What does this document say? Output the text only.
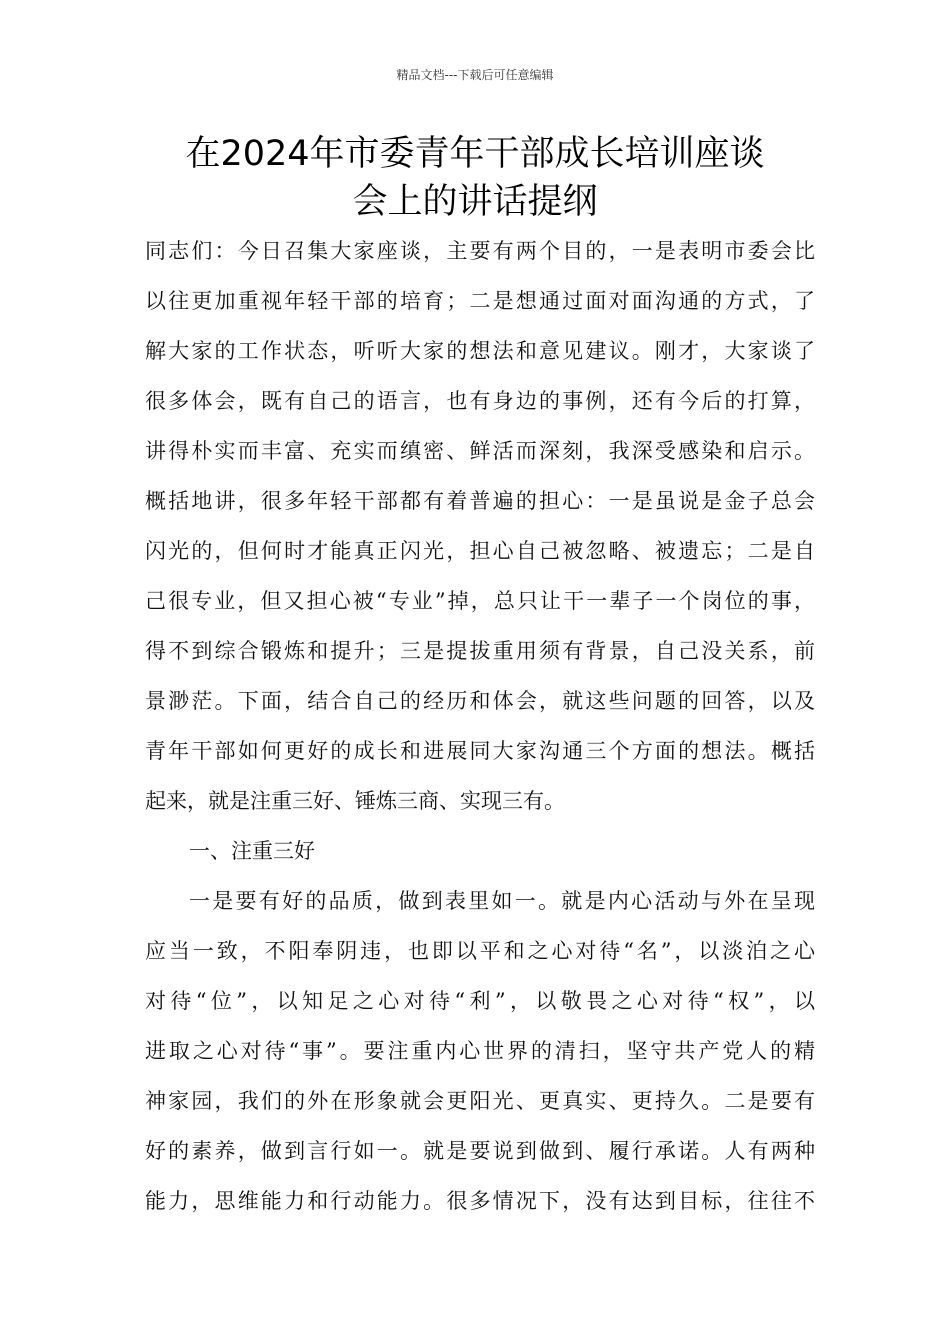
精品文档---下载后可任意编辑
在2024年市委青年干部成长培训座谈
会上的讲话提纲
同志们：今日召集大家座谈，主要有两个目的，一是表明市委会比
以往更加重视年轻干部的培育；二是想通过面对面沟通的方式，了
解大家的工作状态，听听大家的想法和意见建议。刚才，大家谈了
很多体会，既有自己的语言，也有身边的事例，还有今后的打算，
讲得朴实而丰富、充实而缜密、鲜活而深刻，我深受感染和启示。
概括地讲，很多年轻干部都有着普遍的担心：一是虽说是金子总会
闪光的，但何时才能真正闪光，担心自己被忽略、被遗忘；二是自
己很专业，但又担心被“专业”掉，总只让干一辈子一个岗位的事，
得不到综合锻炼和提升；三是提拔重用须有背景，自己没关系，前
景渺茫。下面，结合自己的经历和体会，就这些问题的回答，以及
青年干部如何更好的成长和进展同大家沟通三个方面的想法。概括
起来，就是注重三好、锤炼三商、实现三有。
一、注重三好
一是要有好的品质，做到表里如一。就是内心活动与外在呈现
应当一致，不阳奉阴违，也即以平和之心对待“名”，以淡泊之心
对待“位”，以知足之心对待“利”，以敬畏之心对待“权”，以
进取之心对待“事”。要注重内心世界的清扫，坚守共产党人的精
神家园，我们的外在形象就会更阳光、更真实、更持久。二是要有
好的素养，做到言行如一。就是要说到做到、履行承诺。人有两种
能力，思维能力和行动能力。很多情况下，没有达到目标，往往不
